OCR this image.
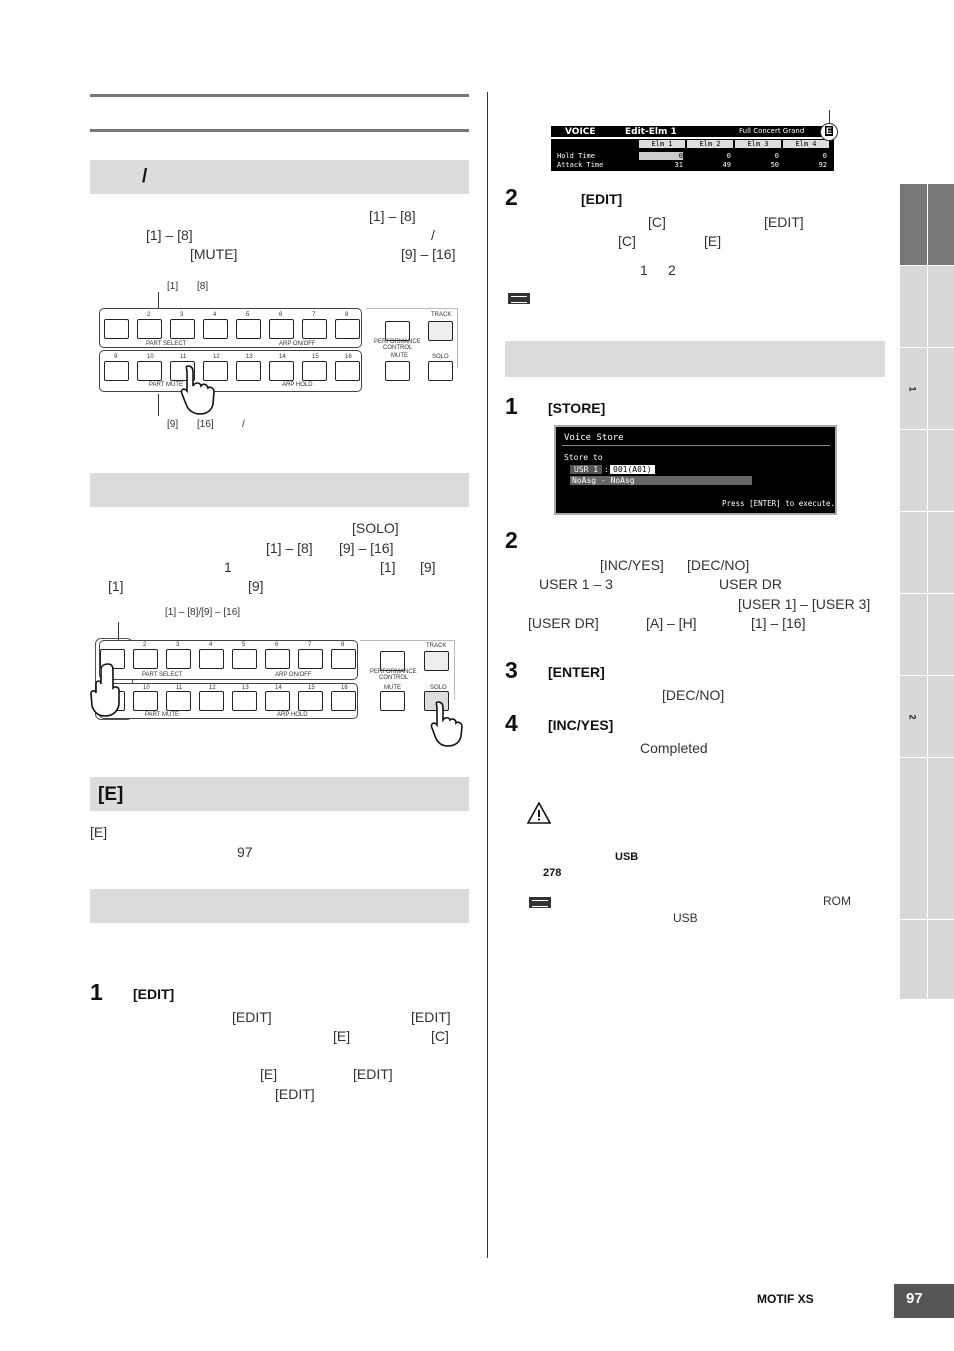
/
[1] – [8]
[1] – [8]	/
[MUTE]	[9] – [16]
[1] [8]
2	3	4	5	6	7	8
9	10	11	12	13	14	15	16
PART SELECT	ARP ON/OFF
PART MUTE	ARP HOLD
TRACK
PERFORMANCE
CONTROL
MUTE	SOLO
[9] [16]	/
[SOLO]
[1] – [8] [9] – [16]
1	[1] [9]
[1]	[9]
[1] – [8]/[9] – [16]
2	3	4	5	6	7	8
10	11	12	13	14	15	16
PART SELECT	ARP ON/OFF
PART MUTE	ARP HOLD
TRACK
PERFORMANCE
CONTROL
MUTE	SOLO
[E]
[E]
97
1 [EDIT]
[EDIT]	[EDIT]
[E]	[C]
[E]	[EDIT]
[EDIT]
VOICE	Edit-Elm 1	Full Concert Grand
Elm 1	Elm 2	Elm 3	Elm 4
Hold Time	0	0	0	0
Attack Time	31	49	50	92
E
2	[EDIT]
[C]	[EDIT]
[C]	[E]
1 2
1 [STORE]
Voice Store
Store to
USR 1 : 001(A01)
NoAsg - NoAsg
Press [ENTER] to execute.
2
[INC/YES] [DEC/NO]
USER 1 – 3	USER DR
[USER 1] – [USER 3]
[USER DR]	[A] – [H]	[1] – [16]
3 [ENTER]
[DEC/NO]
4 [INC/YES]
Completed
USB
278
ROM
USB
1
2
MOTIF XS	97
